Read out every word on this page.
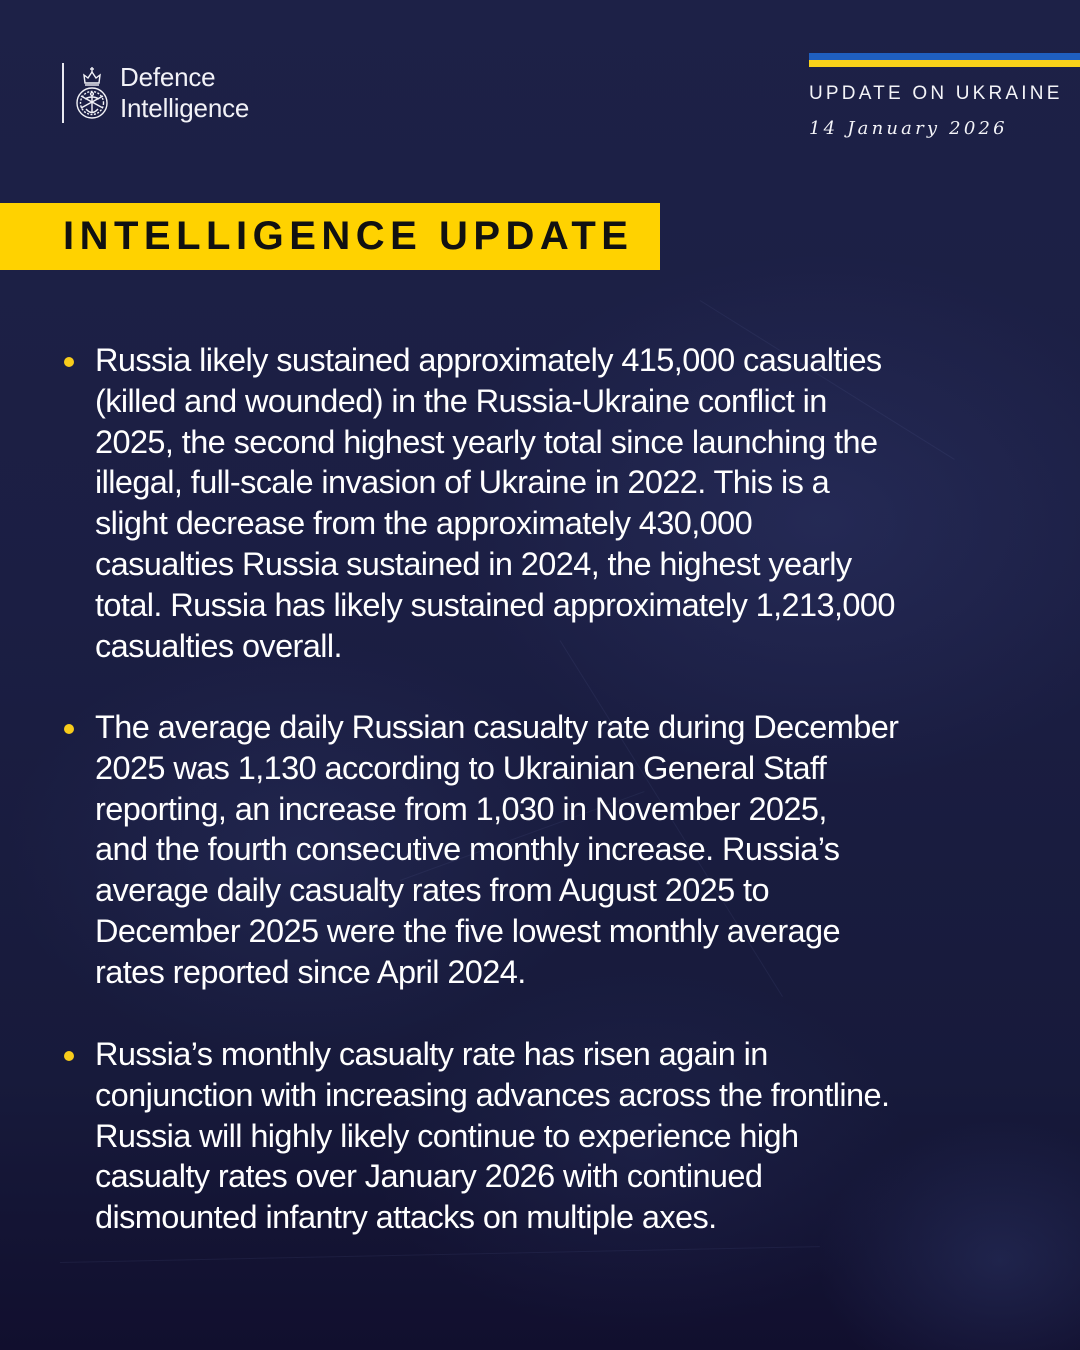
Defence
Intelligence	UPDATE ON UKRAINE
14 January 2026
INTELLIGENCE UPDATE
Russia likely sustained approximately 415,000 casualties
(killed and wounded) in the Russia-Ukraine conflict in
2025, the second highest yearly total since launching the
illegal, full-scale invasion of Ukraine in 2022. This is a
slight decrease from the approximately 430,000
casualties Russia sustained in 2024, the highest yearly
total. Russia has likely sustained approximately 1,213,000
casualties overall.
The average daily Russian casualty rate during December
2025 was 1,130 according to Ukrainian General Staff
reporting, an increase from 1,030 in November 2025,
and the fourth consecutive monthly increase. Russia’s
average daily casualty rates from August 2025 to
December 2025 were the five lowest monthly average
rates reported since April 2024.
Russia’s monthly casualty rate has risen again in
conjunction with increasing advances across the frontline.
Russia will highly likely continue to experience high
casualty rates over January 2026 with continued
dismounted infantry attacks on multiple axes.
